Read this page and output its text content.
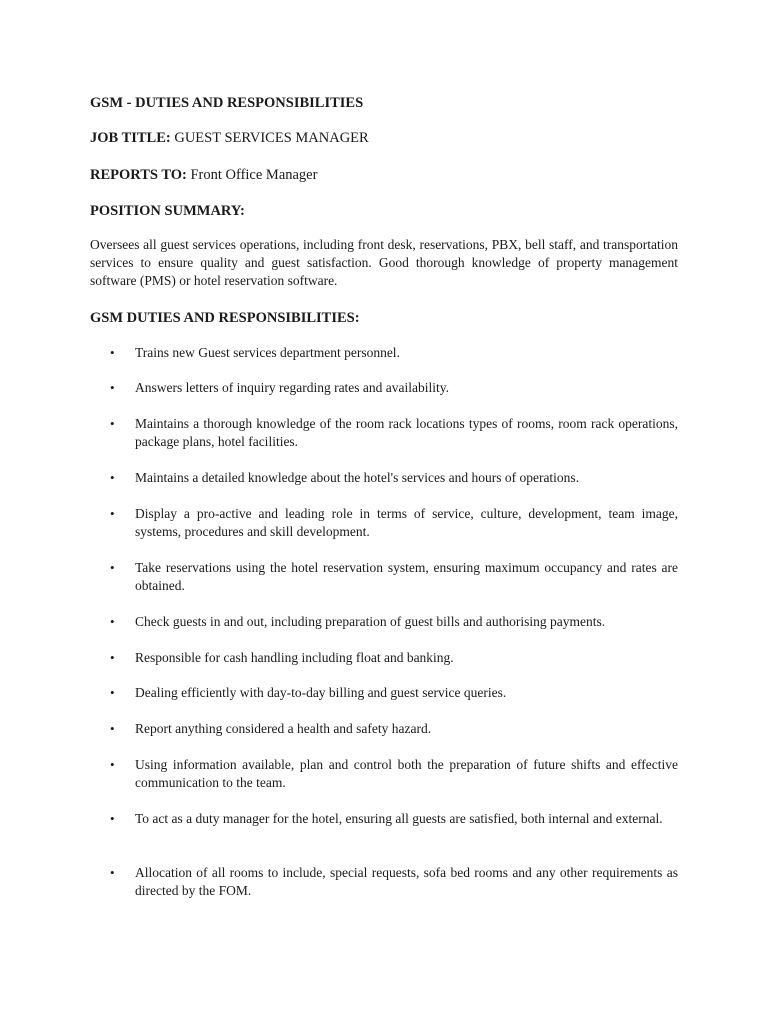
GSM - DUTIES AND RESPONSIBILITIES

JOB TITLE: GUEST SERVICES MANAGER

REPORTS TO: Front Office Manager

POSITION SUMMARY:

Oversees all guest services operations, including front desk, reservations, PBX, bell staff, and transportation services to ensure quality and guest satisfaction. Good thorough knowledge of property management software (PMS) or hotel reservation software.

GSM DUTIES AND RESPONSIBILITIES:

• Trains new Guest services department personnel.
• Answers letters of inquiry regarding rates and availability.
• Maintains a thorough knowledge of the room rack locations types of rooms, room rack operations, package plans, hotel facilities.
• Maintains a detailed knowledge about the hotel's services and hours of operations.
• Display a pro-active and leading role in terms of service, culture, development, team image, systems, procedures and skill development.
• Take reservations using the hotel reservation system, ensuring maximum occupancy and rates are obtained.
• Check guests in and out, including preparation of guest bills and authorising payments.
• Responsible for cash handling including float and banking.
• Dealing efficiently with day-to-day billing and guest service queries.
• Report anything considered a health and safety hazard.
• Using information available, plan and control both the preparation of future shifts and effective communication to the team.
• To act as a duty manager for the hotel, ensuring all guests are satisfied, both internal and external.
• Allocation of all rooms to include, special requests, sofa bed rooms and any other requirements as directed by the FOM.
